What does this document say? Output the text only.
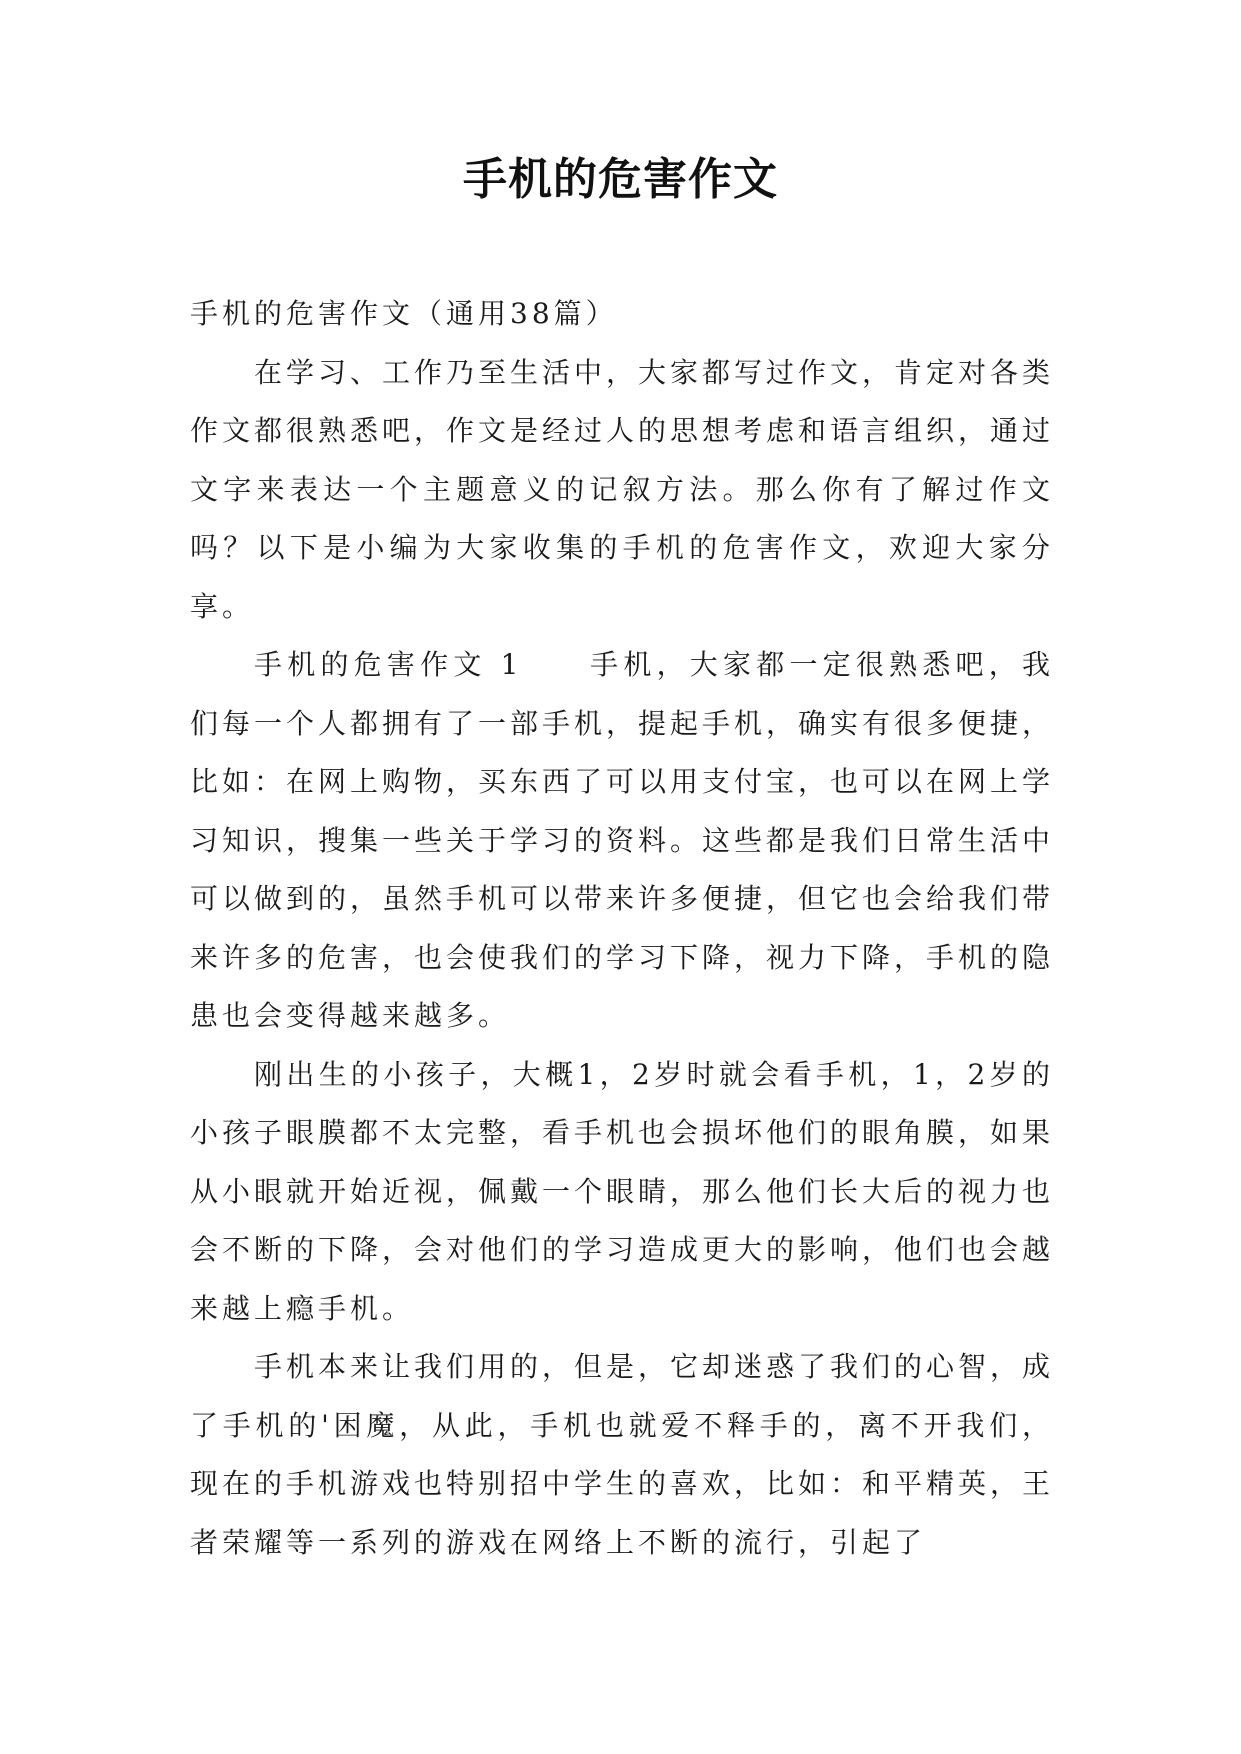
手机的危害作文

手机的危害作文（通用38篇）

在学习、工作乃至生活中，大家都写过作文，肯定对各类作文都很熟悉吧，作文是经过人的思想考虑和语言组织，通过文字来表达一个主题意义的记叙方法。那么你有了解过作文吗？以下是小编为大家收集的手机的危害作文，欢迎大家分享。

手机的危害作文 1　　手机，大家都一定很熟悉吧，我们每一个人都拥有了一部手机，提起手机，确实有很多便捷，比如：在网上购物，买东西了可以用支付宝，也可以在网上学习知识，搜集一些关于学习的资料。这些都是我们日常生活中可以做到的，虽然手机可以带来许多便捷，但它也会给我们带来许多的危害，也会使我们的学习下降，视力下降，手机的隐患也会变得越来越多。

刚出生的小孩子，大概1，2岁时就会看手机，1，2岁的小孩子眼膜都不太完整，看手机也会损坏他们的眼角膜，如果从小眼就开始近视，佩戴一个眼睛，那么他们长大后的视力也会不断的下降，会对他们的学习造成更大的影响，他们也会越来越上瘾手机。

手机本来让我们用的，但是，它却迷惑了我们的心智，成了手机的'困魔，从此，手机也就爱不释手的，离不开我们，现在的手机游戏也特别招中学生的喜欢，比如：和平精英，王者荣耀等一系列的游戏在网络上不断的流行，引起了
